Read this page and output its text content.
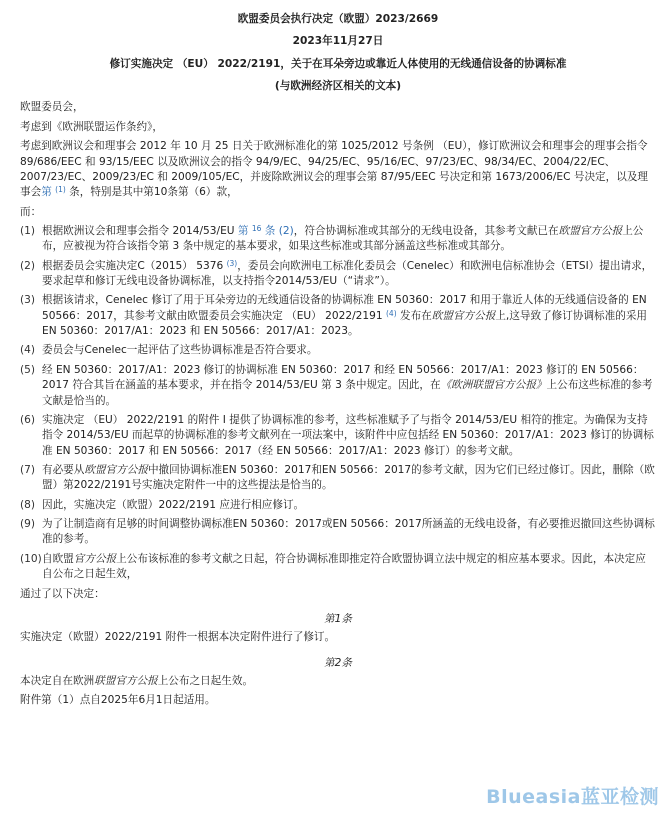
欧盟委员会执行决定（欧盟）2023/2669
2023年11月27日
修订实施决定 （EU） 2022/2191，关于在耳朵旁边或靠近人体使用的无线通信设备的协调标准
(与欧洲经济区相关的文本)

欧盟委员会，

考虑到《欧洲联盟运作条约》，

考虑到欧洲议会和理事会 2012 年 10 月 25 日关于欧洲标准化的第 1025/2012 号条例 （EU），修订欧洲议会和理事会的理事会指令 89/686/EEC 和 93/15/EEC 以及欧洲议会的指令 94/9/EC、94/25/EC、95/16/EC、97/23/EC、98/34/EC、2004/22/EC、2007/23/EC、2009/23/EC 和 2009/105/EC，并废除欧洲议会的理事会第 87/95/EEC 号决定和第 1673/2006/EC 号决定，以及理事会第 $^{(1)}$ 条，特别是其中第10条第（6）款，

而：

(1) 根据欧洲议会和理事会指令 2014/53/EU 第 $^{16}$ 条 (2)，符合协调标准或其部分的无线电设备，其参考文献已在欧盟官方公报上公布，应被视为符合该指令第 3 条中规定的基本要求，如果这些标准或其部分涵盖这些标准或其部分。
(2) 根据委员会实施决定C（2015） 5376 $^{(3)}$，委员会向欧洲电工标准化委员会（Cenelec）和欧洲电信标准协会（ETSI）提出请求，要求起草和修订无线电设备协调标准，以支持指令2014/53/EU（“请求”）。
(3) 根据该请求，Cenelec 修订了用于耳朵旁边的无线通信设备的协调标准 EN 50360：2017 和用于靠近人体的无线通信设备的 EN 50566：2017，其参考文献由欧盟委员会实施决定 （EU） 2022/2191 $^{(4)}$ 发布在欧盟官方公报上,这导致了修订协调标准的采用 EN 50360：2017/A1：2023 和 EN 50566：2017/A1：2023。
(4) 委员会与Cenelec一起评估了这些协调标准是否符合要求。
(5) 经 EN 50360：2017/A1：2023 修订的协调标准 EN 50360：2017 和经 EN 50566：2017/A1：2023 修订的 EN 50566：2017 符合其旨在涵盖的基本要求，并在指令 2014/53/EU 第 3 条中规定。因此，在《欧洲联盟官方公报》上公布这些标准的参考文献是恰当的。
(6) 实施决定 （EU） 2022/2191 的附件 I 提供了协调标准的参考，这些标准赋予了与指令 2014/53/EU 相符的推定。为确保为支持指令 2014/53/EU 而起草的协调标准的参考文献列在一项法案中，该附件中应包括经 EN 50360：2017/A1：2023 修订的协调标准 EN 50360：2017 和 EN 50566：2017（经 EN 50566：2017/A1：2023 修订）的参考文献。
(7) 有必要从欧盟官方公报中撤回协调标准EN 50360：2017和EN 50566：2017的参考文献，因为它们已经过修订。因此，删除（欧盟）第2022/2191号实施决定附件一中的这些提法是恰当的。
(8) 因此，实施决定（欧盟）2022/2191 应进行相应修订。
(9) 为了让制造商有足够的时间调整协调标准EN 50360：2017或EN 50566：2017所涵盖的无线电设备，有必要推迟撤回这些协调标准的参考。
(10) 自欧盟官方公报上公布该标准的参考文献之日起，符合协调标准即推定符合欧盟协调立法中规定的相应基本要求。因此，本决定应自公布之日起生效，

通过了以下决定：

第1条

实施决定（欧盟）2022/2191 附件一根据本决定附件进行了修订。

第2条

本决定自在欧洲联盟官方公报上公布之日起生效。

附件第（1）点自2025年6月1日起适用。

Blueasia蓝亚检测
